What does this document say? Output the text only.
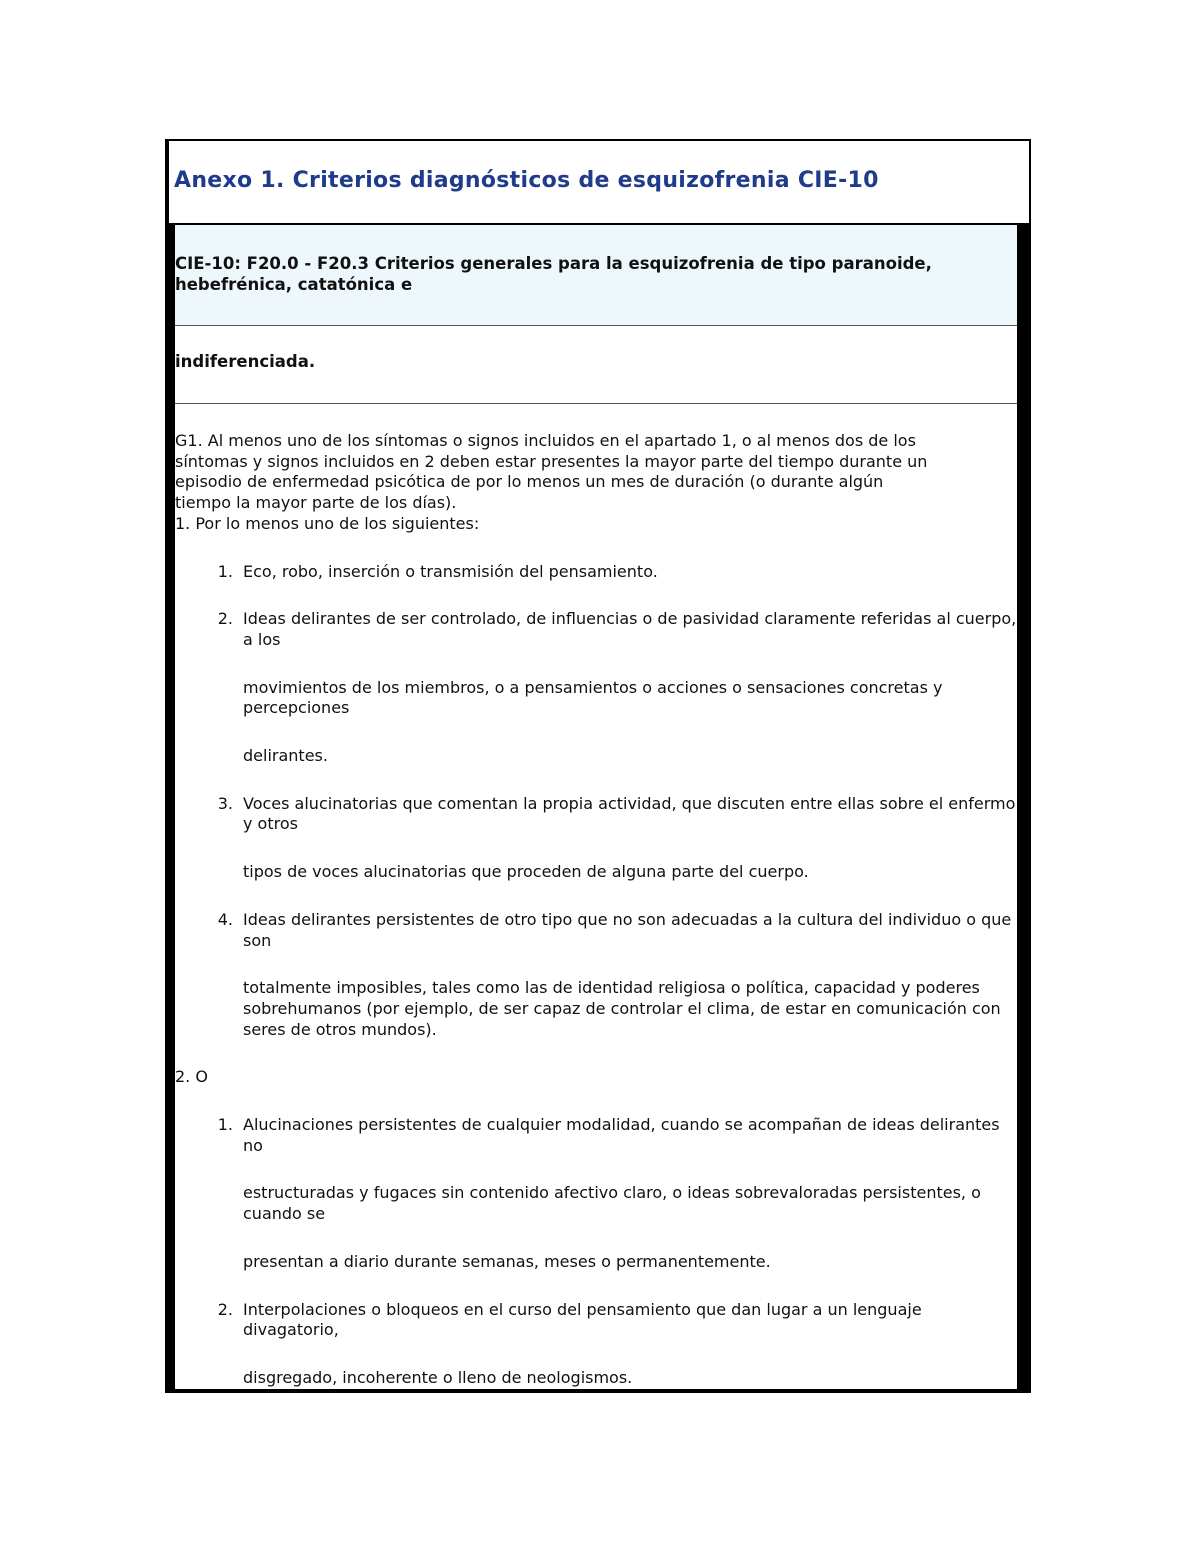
Anexo 1. Criterios diagnósticos de esquizofrenia CIE-10

CIE-10: F20.0 - F20.3 Criterios generales para la esquizofrenia de tipo paranoide,
hebefrénica, catatónica e

indiferenciada.

G1. Al menos uno de los síntomas o signos incluidos en el apartado 1, o al menos dos de los
síntomas y signos incluidos en 2 deben estar presentes la mayor parte del tiempo durante un
episodio de enfermedad psicótica de por lo menos un mes de duración (o durante algún
tiempo la mayor parte de los días).

1. Por lo menos uno de los siguientes:

1. Eco, robo, inserción o transmisión del pensamiento.
2. Ideas delirantes de ser controlado, de influencias o de pasividad claramente referidas al cuerpo, a los
movimientos de los miembros, o a pensamientos o acciones o sensaciones concretas y percepciones
delirantes.
3. Voces alucinatorias que comentan la propia actividad, que discuten entre ellas sobre el enfermo y otros
tipos de voces alucinatorias que proceden de alguna parte del cuerpo.
4. Ideas delirantes persistentes de otro tipo que no son adecuadas a la cultura del individuo o que son
totalmente imposibles, tales como las de identidad religiosa o política, capacidad y poderes sobrehumanos (por ejemplo, de ser capaz de controlar el clima, de estar en comunicación con seres de otros mundos).

2. O

1. Alucinaciones persistentes de cualquier modalidad, cuando se acompañan de ideas delirantes no
estructuradas y fugaces sin contenido afectivo claro, o ideas sobrevaloradas persistentes, o cuando se
presentan a diario durante semanas, meses o permanentemente.
2. Interpolaciones o bloqueos en el curso del pensamiento que dan lugar a un lenguaje divagatorio,
disgregado, incoherente o lleno de neologismos.
